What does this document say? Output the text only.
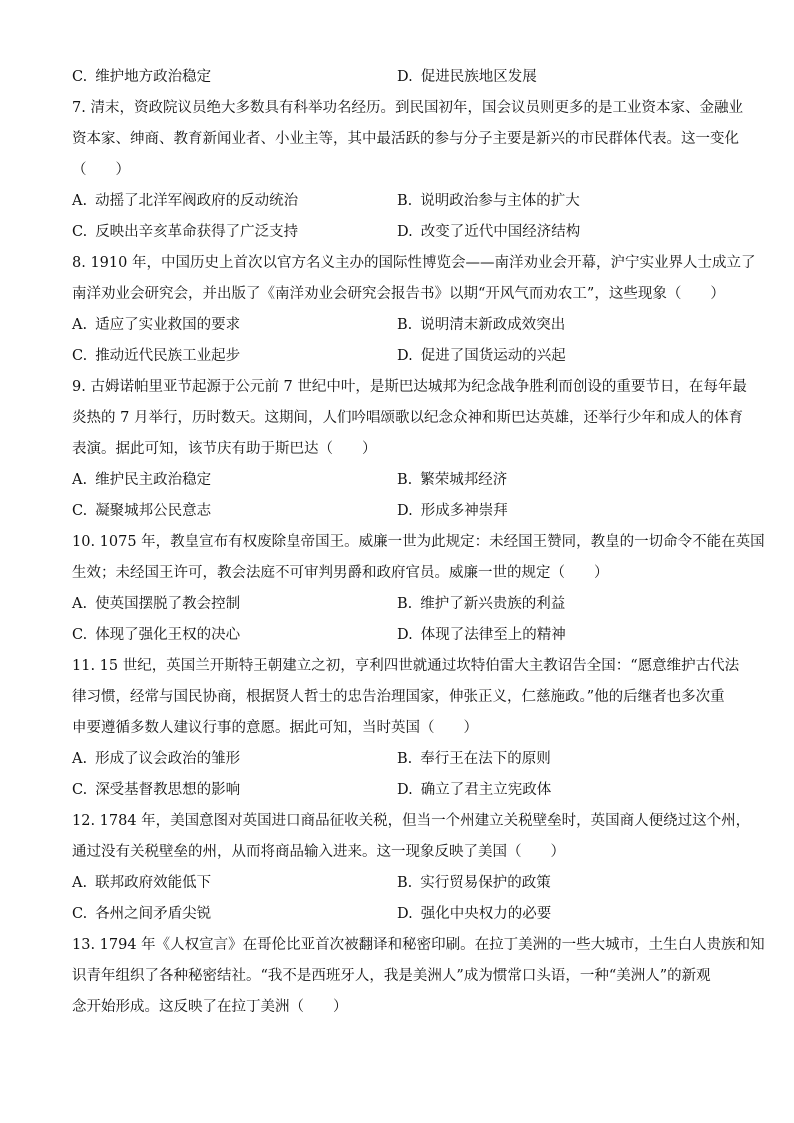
C. 维护地方政治稳定	D. 促进民族地区发展
7. 清末，资政院议员绝大多数具有科举功名经历。到民国初年，国会议员则更多的是工业资本家、金融业
资本家、绅商、教育新闻业者、小业主等，其中最活跃的参与分子主要是新兴的市民群体代表。这一变化
（　　）
A. 动摇了北洋军阀政府的反动统治	B. 说明政治参与主体的扩大
C. 反映出辛亥革命获得了广泛支持	D. 改变了近代中国经济结构
8. 1910 年，中国历史上首次以官方名义主办的国际性博览会——南洋劝业会开幕，沪宁实业界人士成立了
南洋劝业会研究会，并出版了《南洋劝业会研究会报告书》以期“开风气而劝农工”，这些现象（　　）
A. 适应了实业救国的要求	B. 说明清末新政成效突出
C. 推动近代民族工业起步	D. 促进了国货运动的兴起
9. 古姆诺帕里亚节起源于公元前 7 世纪中叶，是斯巴达城邦为纪念战争胜利而创设的重要节日，在每年最
炎热的 7 月举行，历时数天。这期间，人们吟唱颂歌以纪念众神和斯巴达英雄，还举行少年和成人的体育
表演。据此可知，该节庆有助于斯巴达（　　）
A. 维护民主政治稳定	B. 繁荣城邦经济
C. 凝聚城邦公民意志	D. 形成多神崇拜
10. 1075 年，教皇宣布有权废除皇帝国王。威廉一世为此规定：未经国王赞同，教皇的一切命令不能在英国
生效；未经国王许可，教会法庭不可审判男爵和政府官员。威廉一世的规定（　　）
A. 使英国摆脱了教会控制	B. 维护了新兴贵族的利益
C. 体现了强化王权的决心	D. 体现了法律至上的精神
11. 15 世纪，英国兰开斯特王朝建立之初，亨利四世就通过坎特伯雷大主教诏告全国：“愿意维护古代法
律习惯，经常与国民协商，根据贤人哲士的忠告治理国家，伸张正义，仁慈施政。”他的后继者也多次重
申要遵循多数人建议行事的意愿。据此可知，当时英国（　　）
A. 形成了议会政治的雏形	B. 奉行王在法下的原则
C. 深受基督教思想的影响	D. 确立了君主立宪政体
12. 1784 年，美国意图对英国进口商品征收关税，但当一个州建立关税壁垒时，英国商人便绕过这个州，
通过没有关税壁垒的州，从而将商品输入进来。这一现象反映了美国（　　）
A. 联邦政府效能低下	B. 实行贸易保护的政策
C. 各州之间矛盾尖锐	D. 强化中央权力的必要
13. 1794 年《人权宣言》在哥伦比亚首次被翻译和秘密印刷。在拉丁美洲的一些大城市，土生白人贵族和知
识青年组织了各种秘密结社。“我不是西班牙人，我是美洲人”成为惯常口头语，一种“美洲人”的新观
念开始形成。这反映了在拉丁美洲（　　）
